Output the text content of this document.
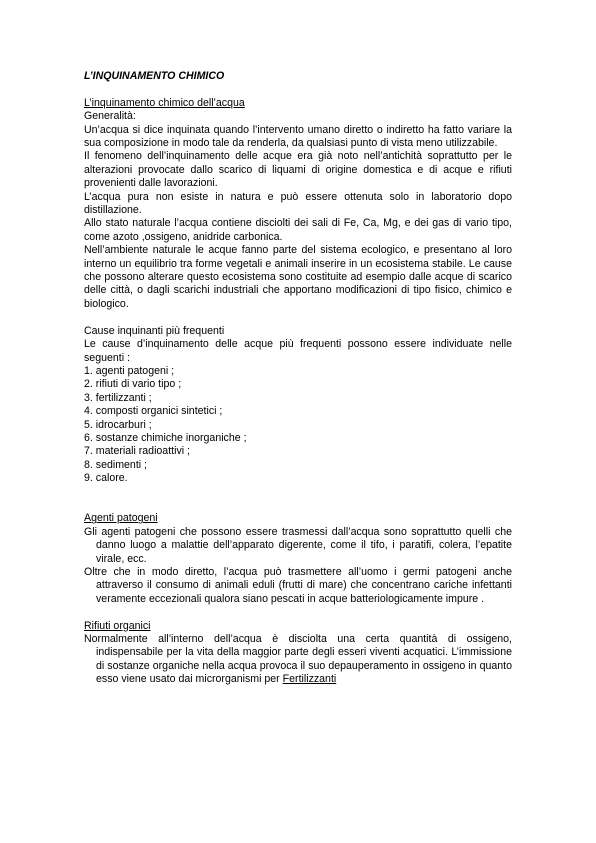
L’INQUINAMENTO CHIMICO
L’inquinamento chimico dell’acqua
Generalità:

Un’acqua si dice inquinata quando l’intervento umano diretto o indiretto ha fatto variare la sua composizione in modo tale da renderla, da qualsiasi punto di vista meno utilizzabile.

Il fenomeno dell’inquinamento delle acque era già noto nell’antichità soprattutto per le alterazioni provocate dallo scarico di liquami di origine domestica e di acque e rifiuti provenienti dalle lavorazioni.

L’acqua pura non esiste in natura e può essere ottenuta solo in laboratorio dopo distillazione.

Allo stato naturale l’acqua contiene disciolti dei sali di Fe, Ca, Mg, e dei gas di vario tipo, come azoto ,ossigeno, anidride carbonica.

Nell’ambiente naturale le acque fanno parte del sistema ecologico, e presentano al loro interno un equilibrio tra forme vegetali e animali inserire in un ecosistema stabile. Le cause che possono alterare questo ecosistema sono costituite ad esempio dalle acque di scarico delle città, o dagli scarichi industriali che apportano modificazioni di tipo fisico, chimico e biologico.

Cause inquinanti più frequenti

Le cause d’inquinamento delle acque più frequenti possono essere individuate nelle seguenti :

1. agenti patogeni ;
2. rifiuti di vario tipo ;
3. fertilizzanti ;
4. composti organici sintetici ;
5. idrocarburi ;
6. sostanze chimiche inorganiche ;
7. materiali radioattivi ;
8. sedimenti ;
9. calore.
Agenti patogeni

Gli agenti patogeni che possono essere trasmessi dall’acqua sono soprattutto quelli che danno luogo a malattie dell’apparato digerente, come il tifo, i paratifi, colera, l’epatite virale, ecc.

Oltre che in modo diretto, l’acqua può trasmettere all’uomo i germi patogeni anche attraverso il consumo di animali eduli (frutti di mare) che concentrano cariche infettanti veramente eccezionali qualora siano pescati in acque batteriologicamente impure .

Rifiuti organici

Normalmente all’interno dell’acqua è disciolta una certa quantità di ossigeno, indispensabile per la vita della maggior parte degli esseri viventi acquatici. L’immissione di sostanze organiche nella acqua provoca il suo depauperamento in ossigeno in quanto esso viene usato dai microrganismi per Fertilizzanti
